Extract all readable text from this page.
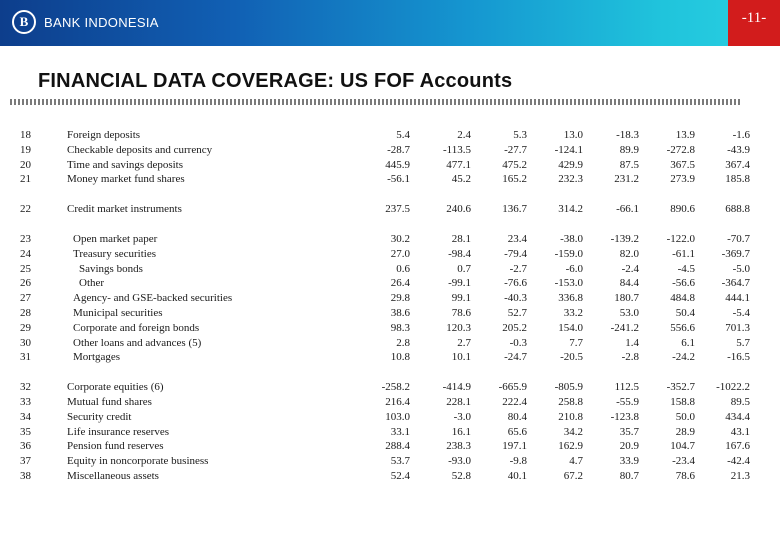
B	BANK INDONESIA	-11-
FINANCIAL DATA COVERAGE: US FOF Accounts
18	Foreign deposits	5.4	2.4	5.3	13.0	-18.3	13.9	-1.6
19	Checkable deposits and currency	-28.7	-113.5	-27.7	-124.1	89.9	-272.8	-43.9
20	Time and savings deposits	445.9	477.1	475.2	429.9	87.5	367.5	367.4
21	Money market fund shares	-56.1	45.2	165.2	232.3	231.2	273.9	185.8
22	Credit market instruments	237.5	240.6	136.7	314.2	-66.1	890.6	688.8
23	Open market paper	30.2	28.1	23.4	-38.0	-139.2	-122.0	-70.7
24	Treasury securities	27.0	-98.4	-79.4	-159.0	82.0	-61.1	-369.7
25	Savings bonds	0.6	0.7	-2.7	-6.0	-2.4	-4.5	-5.0
26	Other	26.4	-99.1	-76.6	-153.0	84.4	-56.6	-364.7
27	Agency- and GSE-backed securities	29.8	99.1	-40.3	336.8	180.7	484.8	444.1
28	Municipal securities	38.6	78.6	52.7	33.2	53.0	50.4	-5.4
29	Corporate and foreign bonds	98.3	120.3	205.2	154.0	-241.2	556.6	701.3
30	Other loans and advances (5)	2.8	2.7	-0.3	7.7	1.4	6.1	5.7
31	Mortgages	10.8	10.1	-24.7	-20.5	-2.8	-24.2	-16.5
32	Corporate equities (6)	-258.2	-414.9	-665.9	-805.9	112.5	-352.7	-1022.2
33	Mutual fund shares	216.4	228.1	222.4	258.8	-55.9	158.8	89.5
34	Security credit	103.0	-3.0	80.4	210.8	-123.8	50.0	434.4
35	Life insurance reserves	33.1	16.1	65.6	34.2	35.7	28.9	43.1
36	Pension fund reserves	288.4	238.3	197.1	162.9	20.9	104.7	167.6
37	Equity in noncorporate business	53.7	-93.0	-9.8	4.7	33.9	-23.4	-42.4
38	Miscellaneous assets	52.4	52.8	40.1	67.2	80.7	78.6	21.3
